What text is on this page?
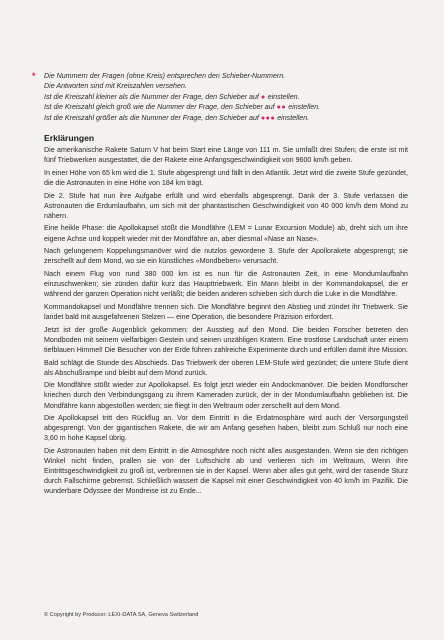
* Die Nummern der Fragen (ohne Kreis) entsprechen den Schieber-Nummern.
Die Antworten sind mit Kreiszahlen versehen.
Ist die Kreiszahl kleiner als die Nummer der Frage, den Schieber auf ● einstellen.
Ist die Kreiszahl gleich groß wie die Nummer der Frage, den Schieber auf ●● einstellen.
Ist die Kreiszahl größer als die Nummer der Frage, den Schieber auf ●●● einstellen.
Erklärungen

Die amerikanische Rakete Saturn V hat beim Start eine Länge von 111 m. Sie umfaßt drei Stufen; die erste ist mit fünf Triebwerken ausgestattet, die der Rakete eine Anfangsgeschwindigkeit von 9600 km/h geben.

In einer Höhe von 65 km wird die 1. Stufe abgesprengt und fällt in den Atlantik. Jetzt wird die zweite Stufe gezündet, die die Astronauten in eine Höhe von 184 km trägt.

Die 2. Stufe hat nun ihre Aufgabe erfüllt und wird ebenfalls abgesprengt. Dank der 3. Stufe verlassen die Astronauten die Erdumlaufbahn, um sich mit der phantastischen Geschwindigkeit von 40 000 km/h dem Mond zu nähern.

Eine heikle Phase: die Apollokapsel stößt die Mondfähre (LEM = Lunar Excursion Module) ab, dreht sich um ihre eigene Achse und koppelt wieder mit der Mondfähre an, aber diesmal «Nase an Nase».

Nach gelungenem Koppelungsmanöver wird die nutzlos gewordene 3. Stufe der Apollorakete abgesprengt; sie zerschellt auf dem Mond, wo sie ein künstliches «Mondbeben» verursacht.

Nach einem Flug von rund 380 000 km ist es nun für die Astronauten Zeit, in eine Mondumlaufbahn einzuschwenken; sie zünden dafür kurz das Haupttriebwerk. Ein Mann bleibt in der Kommandokapsel, die er während der ganzen Operation nicht verläßt; die beiden anderen schieben sich durch die Luke in die Mondfähre.

Kommandokapsel und Mondfähre trennen sich. Die Mondfähre beginnt den Abstieg und zündet ihr Triebwerk. Sie landet bald mit ausgefahrenen Stelzen — eine Operation, die besondere Präzision erfordert.

Jetzt ist der große Augenblick gekommen: der Ausstieg auf den Mond. Die beiden Forscher betreten den Mondboden mit seinem vielfarbigen Gestein und seinen unzähligen Kratern. Eine trostlose Landschaft unter einem tiefblauen Himmel! Die Besucher von der Erde führen zahlreiche Experimente durch und erfüllen damit ihre Mission.

Bald schlägt die Stunde des Abschieds. Das Triebwerk der oberen LEM-Stufe wird gezündet; die untere Stufe dient als Abschußrampe und bleibt auf dem Mond zurück.

Die Mondfähre stößt wieder zur Apollokapsel. Es folgt jetzt wieder ein Andockmanöver. Die beiden Mondforscher kriechen durch den Verbindungsgang zu ihrem Kameraden zurück, der in der Mondumlaufbahn geblieben ist. Die Mondfähre kann abgestoßen werden; sie fliegt in den Weltraum oder zerschellt auf dem Mond.

Die Apollokapsel tritt den Rückflug an. Vor dem Eintritt in die Erdatmosphäre wird auch der Versorgungsteil abgesprengt. Von der gigantischen Rakete, die wir am Anfang gesehen haben, bleibt zum Schluß nur noch eine 3,60 m hohe Kapsel übrig.

Die Astronauten haben mit dem Eintritt in die Atmosphäre noch nicht alles ausgestanden. Wenn sie den richtigen Winkel nicht finden, prallen sie von der Luftschicht ab und verlieren sich im Weltraum. Wenn ihre Eintrittsgeschwindigkeit zu groß ist, verbrennen sie in der Kapsel. Wenn aber alles gut geht, wird der rasende Sturz durch Fallschirme gebremst. Schließlich wassert die Kapsel mit einer Geschwindigkeit von 40 km/h im Pazifik. Die wunderbare Odyssee der Mondreise ist zu Ende...

© Copyright by Producer: LEXI-DATA SA, Geneva Switzerland
